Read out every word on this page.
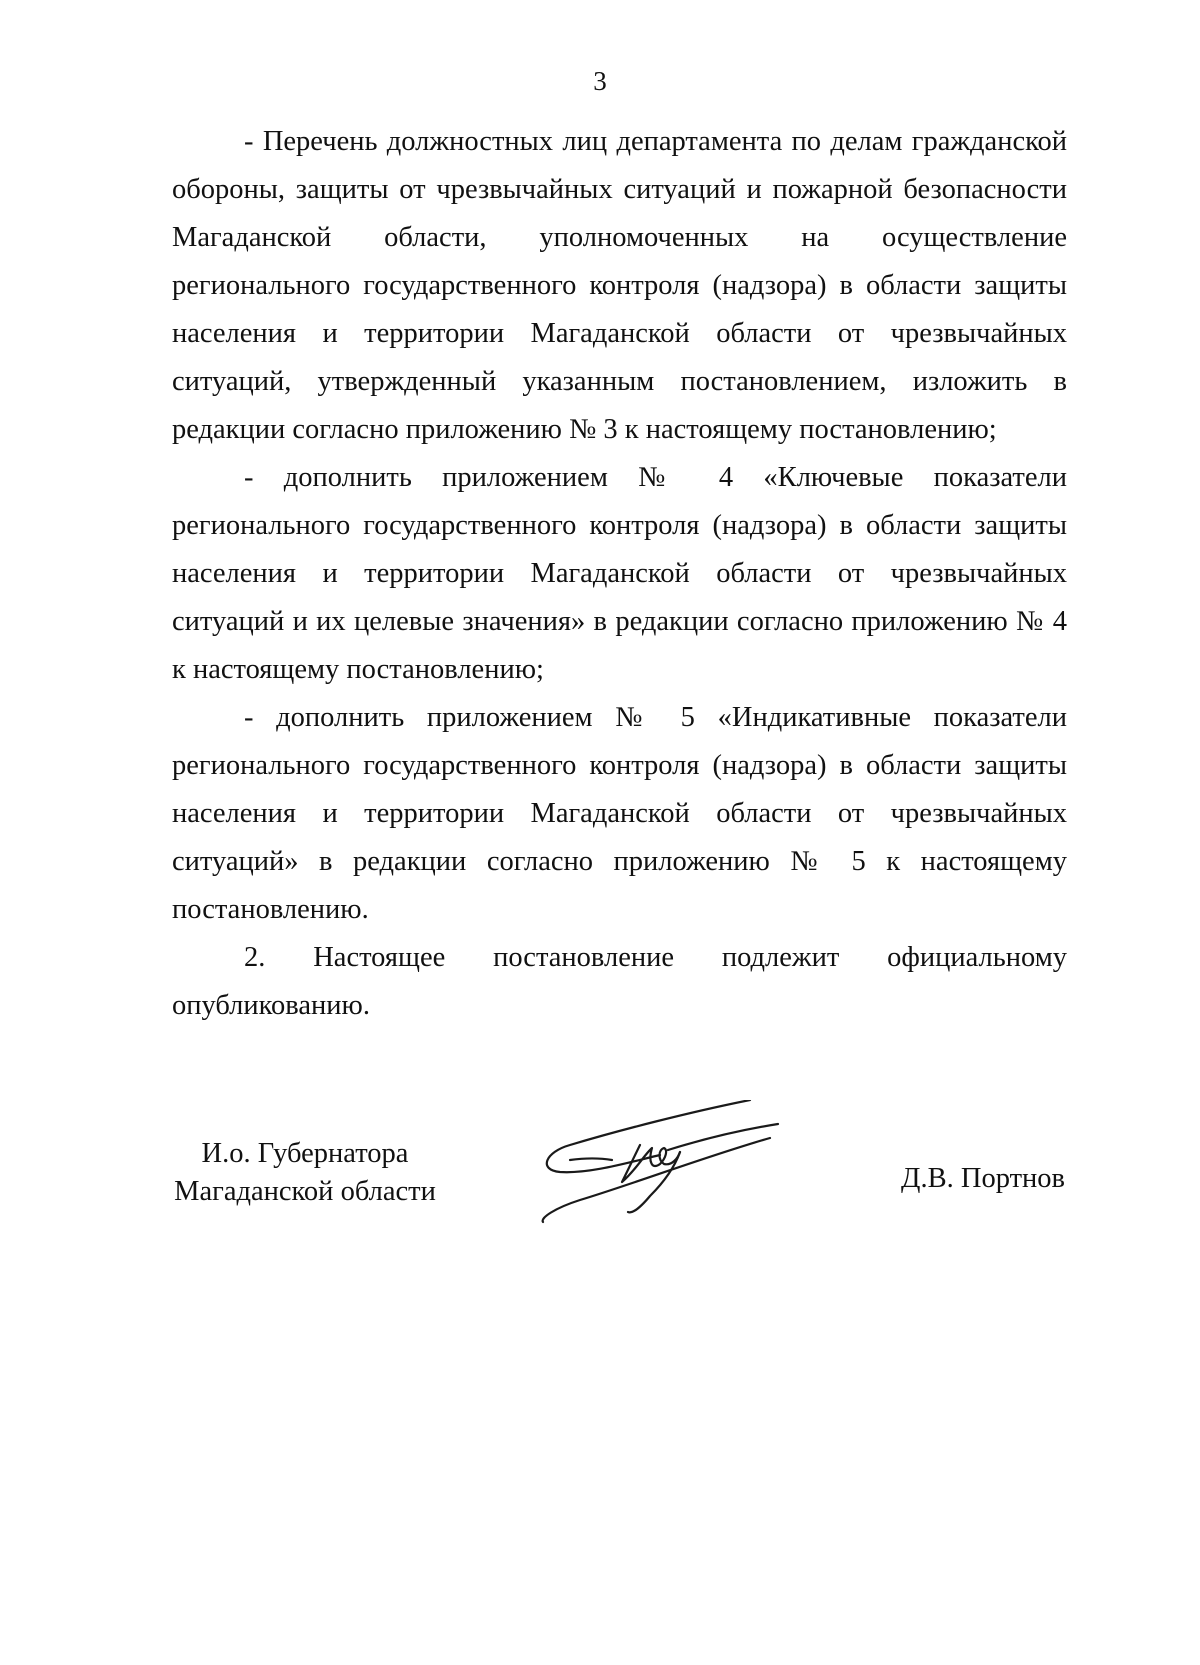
3

- Перечень должностных лиц департамента по делам гражданской обороны, защиты от чрезвычайных ситуаций и пожарной безопасности Магаданской области, уполномоченных на осуществление регионального государственного контроля (надзора) в области защиты населения и территории Магаданской области от чрезвычайных ситуаций, утвержденный указанным постановлением, изложить в редакции согласно приложению № 3 к настоящему постановлению;

- дополнить приложением № 4 «Ключевые показатели регионального государственного контроля (надзора) в области защиты населения и территории Магаданской области от чрезвычайных ситуаций и их целевые значения» в редакции согласно приложению № 4 к настоящему постановлению;

- дополнить приложением № 5 «Индикативные показатели регионального государственного контроля (надзора) в области защиты населения и территории Магаданской области от чрезвычайных ситуаций» в редакции согласно приложению № 5 к настоящему постановлению.

2. Настоящее постановление подлежит официальному опубликованию.

И.о. Губернатора
Магаданской области	Д.В. Портнов
